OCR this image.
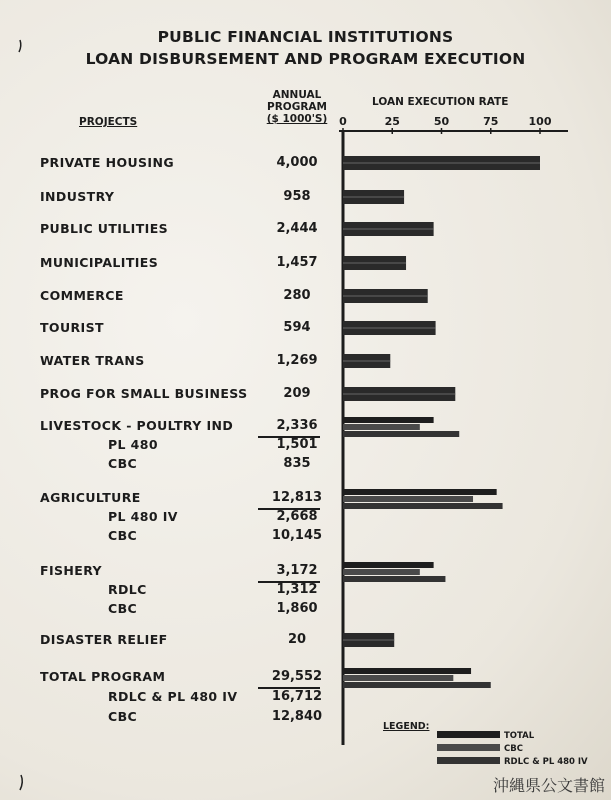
PUBLIC FINANCIAL INSTITUTIONS
LOAN DISBURSEMENT AND PROGRAM EXECUTION
PROJECTS
ANNUAL
PROGRAM
($ 1000'S)
LOAN EXECUTION RATE
PRIVATE HOUSING	4,000
INDUSTRY	958
PUBLIC UTILITIES	2,444
MUNICIPALITIES	1,457
COMMERCE	280
TOURIST	594
WATER TRANS	1,269
PROG FOR SMALL BUSINESS	209
LIVESTOCK - POULTRY IND	2,336
PL 480	1,501
CBC	835
AGRICULTURE	12,813
PL 480 IV	2,668
CBC	10,145
FISHERY	3,172
RDLC	1,312
CBC	1,860
DISASTER RELIEF	20
TOTAL PROGRAM	29,552
RDLC & PL 480 IV	16,712
CBC	12,840
0	25	50	75	100
TOTAL
CBC
RDLC & PL 480 IV
LEGEND:
沖縄県公文書館
